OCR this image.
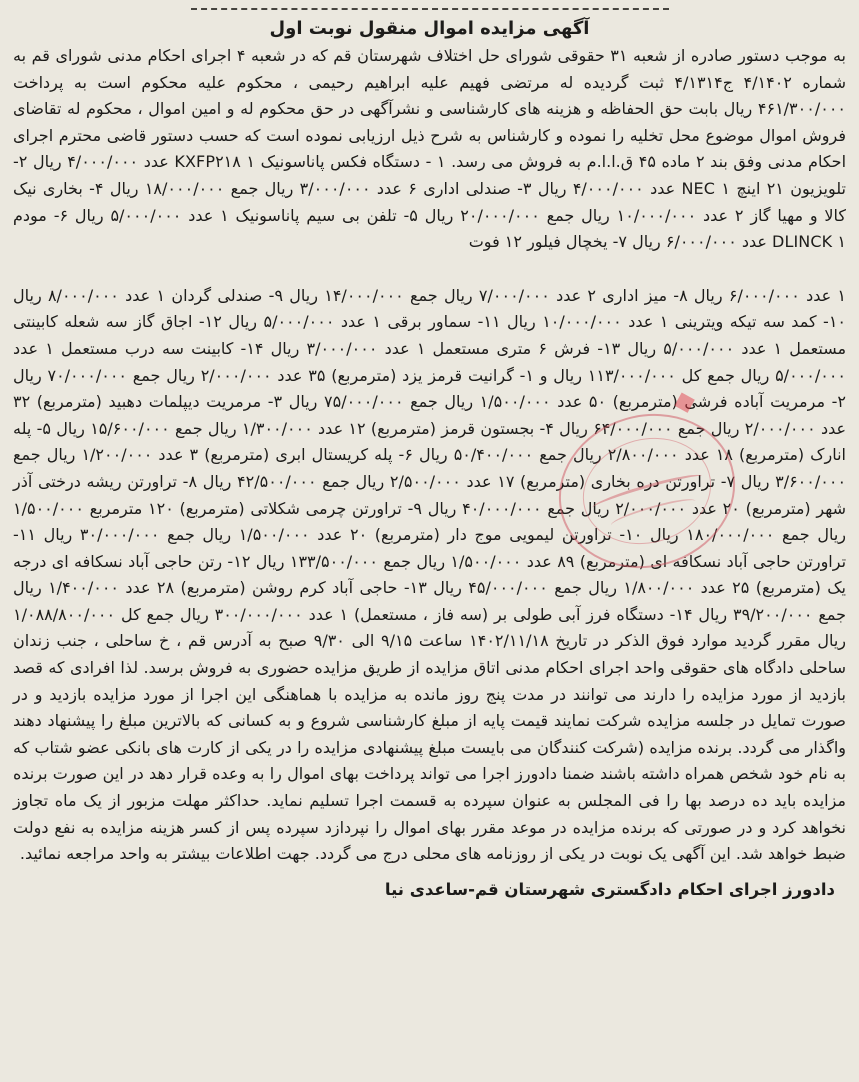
آگهی مزایده اموال منقول نوبت اول
به موجب دستور صادره از شعبه ۳۱ حقوقی شورای حل اختلاف شهرستان قم که در شعبه ۴ اجرای احکام مدنی شورای قم به شماره ۴/۱۴۰۲ ج۴/۱۳۱۴ ثبت گردیده له مرتضی فهیم علیه ابراهیم رحیمی ، محکوم علیه محکوم است به پرداخت ۴۶۱/۳۰۰/۰۰۰ ریال بابت حق الحفاظه و هزینه های کارشناسی و نشرآگهی در حق محکوم له و امین اموال ، محکوم له تقاضای فروش اموال موضوع محل تخلیه را نموده و کارشناس به شرح ذیل ارزیابی نموده است که حسب دستور قاضی محترم اجرای احکام مدنی وفق بند ۲ ماده ۴۵ ق.ا.ا.م به فروش می رسد. ۱ - دستگاه فکس پاناسونیک KXFP۲۱۸ ۱ عدد ۴/۰۰۰/۰۰۰ ریال ۲- تلویزیون ۲۱ اینچ NEC ۱ عدد ۴/۰۰۰/۰۰۰ ریال ۳- صندلی اداری ۶ عدد ۳/۰۰۰/۰۰۰ ریال جمع ۱۸/۰۰۰/۰۰۰ ریال ۴- بخاری نیک کالا و مهیا گاز ۲ عدد ۱۰/۰۰۰/۰۰۰ ریال جمع ۲۰/۰۰۰/۰۰۰ ریال ۵- تلفن بی سیم پاناسونیک ۱ عدد ۵/۰۰۰/۰۰۰ ریال ۶- مودم DLINCK ۱ عدد ۶/۰۰۰/۰۰۰ ریال ۷- یخچال فیلور ۱۲ فوت
۱ عدد ۶/۰۰۰/۰۰۰ ریال ۸- میز اداری ۲ عدد ۷/۰۰۰/۰۰۰ ریال جمع ۱۴/۰۰۰/۰۰۰ ریال ۹- صندلی گردان ۱ عدد ۸/۰۰۰/۰۰۰ ریال ۱۰- کمد سه تیکه ویترینی ۱ عدد ۱۰/۰۰۰/۰۰۰ ریال ۱۱- سماور برقی ۱ عدد ۵/۰۰۰/۰۰۰ ریال ۱۲- اجاق گاز سه شعله کابینتی مستعمل ۱ عدد ۵/۰۰۰/۰۰۰ ریال ۱۳- فرش ۶ متری مستعمل ۱ عدد ۳/۰۰۰/۰۰۰ ریال ۱۴- کابینت سه درب مستعمل ۱ عدد ۵/۰۰۰/۰۰۰ ریال جمع کل ۱۱۳/۰۰۰/۰۰۰ ریال و ۱- گرانیت قرمز یزد (مترمربع) ۳۵ عدد ۲/۰۰۰/۰۰۰ ریال جمع ۷۰/۰۰۰/۰۰۰ ریال ۲- مرمریت آباده فرشی (مترمربع) ۵۰ عدد ۱/۵۰۰/۰۰۰ ریال جمع ۷۵/۰۰۰/۰۰۰ ریال ۳- مرمریت دیپلمات دهبید (مترمربع) ۳۲ عدد ۲/۰۰۰/۰۰۰ ریال جمع ۶۴/۰۰۰/۰۰۰ ریال ۴- بجستون قرمز (مترمربع) ۱۲ عدد ۱/۳۰۰/۰۰۰ ریال جمع ۱۵/۶۰۰/۰۰۰ ریال ۵- پله انارک (مترمربع) ۱۸ عدد ۲/۸۰۰/۰۰۰ ریال جمع ۵۰/۴۰۰/۰۰۰ ریال ۶- پله کریستال ابری (مترمربع) ۳ عدد ۱/۲۰۰/۰۰۰ ریال جمع ۳/۶۰۰/۰۰۰ ریال ۷- تراورتن دره بخاری (مترمربع) ۱۷ عدد ۲/۵۰۰/۰۰۰ ریال جمع ۴۲/۵۰۰/۰۰۰ ریال ۸- تراورتن ریشه درختی آذر شهر (مترمربع) ۲۰ عدد ۲/۰۰۰/۰۰۰ ریال جمع ۴۰/۰۰۰/۰۰۰ ریال ۹- تراورتن چرمی شکلاتی (مترمربع) ۱۲۰ مترمربع ۱/۵۰۰/۰۰۰ ریال جمع ۱۸۰/۰۰۰/۰۰۰ ریال ۱۰- تراورتن لیمویی موج دار (مترمربع) ۲۰ عدد ۱/۵۰۰/۰۰۰ ریال جمع ۳۰/۰۰۰/۰۰۰ ریال ۱۱- تراورتن حاجی آباد نسکافه ای (مترمربع) ۸۹ عدد ۱/۵۰۰/۰۰۰ ریال جمع ۱۳۳/۵۰۰/۰۰۰ ریال ۱۲- رتن حاجی آباد نسکافه ای درجه یک (مترمربع) ۲۵ عدد ۱/۸۰۰/۰۰۰ ریال جمع ۴۵/۰۰۰/۰۰۰ ریال ۱۳- حاجی آباد کرم روشن (مترمربع) ۲۸ عدد ۱/۴۰۰/۰۰۰ ریال جمع ۳۹/۲۰۰/۰۰۰ ریال ۱۴- دستگاه فرز آبی طولی بر (سه فاز ، مستعمل) ۱ عدد ۳۰۰/۰۰۰/۰۰۰ ریال جمع کل ۱/۰۸۸/۸۰۰/۰۰۰ ریال مقرر گردید موارد فوق الذکر در تاریخ ۱۴۰۲/۱۱/۱۸ ساعت ۹/۱۵ الی ۹/۳۰ صبح به آدرس قم ، خ ساحلی ، جنب زندان ساحلی دادگاه های حقوقی واحد اجرای احکام مدنی اتاق مزایده از طریق مزایده حضوری به فروش برسد. لذا افرادی که قصد بازدید از مورد مزایده را دارند می توانند در مدت پنج روز مانده به مزایده با هماهنگی این اجرا از مورد مزایده بازدید و در صورت تمایل در جلسه مزایده شرکت نمایند قیمت پایه از مبلغ کارشناسی شروع و به کسانی که بالاترین مبلغ را پیشنهاد دهند واگذار می گردد. برنده مزایده (شرکت کنندگان می بایست مبلغ پیشنهادی مزایده را در یکی از کارت های بانکی عضو شتاب که به نام خود شخص همراه داشته باشند ضمنا دادورز اجرا می تواند پرداخت بهای اموال را به وعده قرار دهد در این صورت برنده مزایده باید ده درصد بها را فی المجلس به عنوان سپرده به قسمت اجرا تسلیم نماید. حداکثر مهلت مزبور از یک ماه تجاوز نخواهد کرد و در صورتی که برنده مزایده در موعد مقرر بهای اموال را نپردازد سپرده پس از کسر هزینه مزایده به نفع دولت ضبط خواهد شد. این آگهی یک نوبت در یکی از روزنامه های محلی درج می گردد. جهت اطلاعات بیشتر به واحد مراجعه نمائید.
دادورز اجرای احکام دادگستری شهرستان قم-ساعدی نیا
